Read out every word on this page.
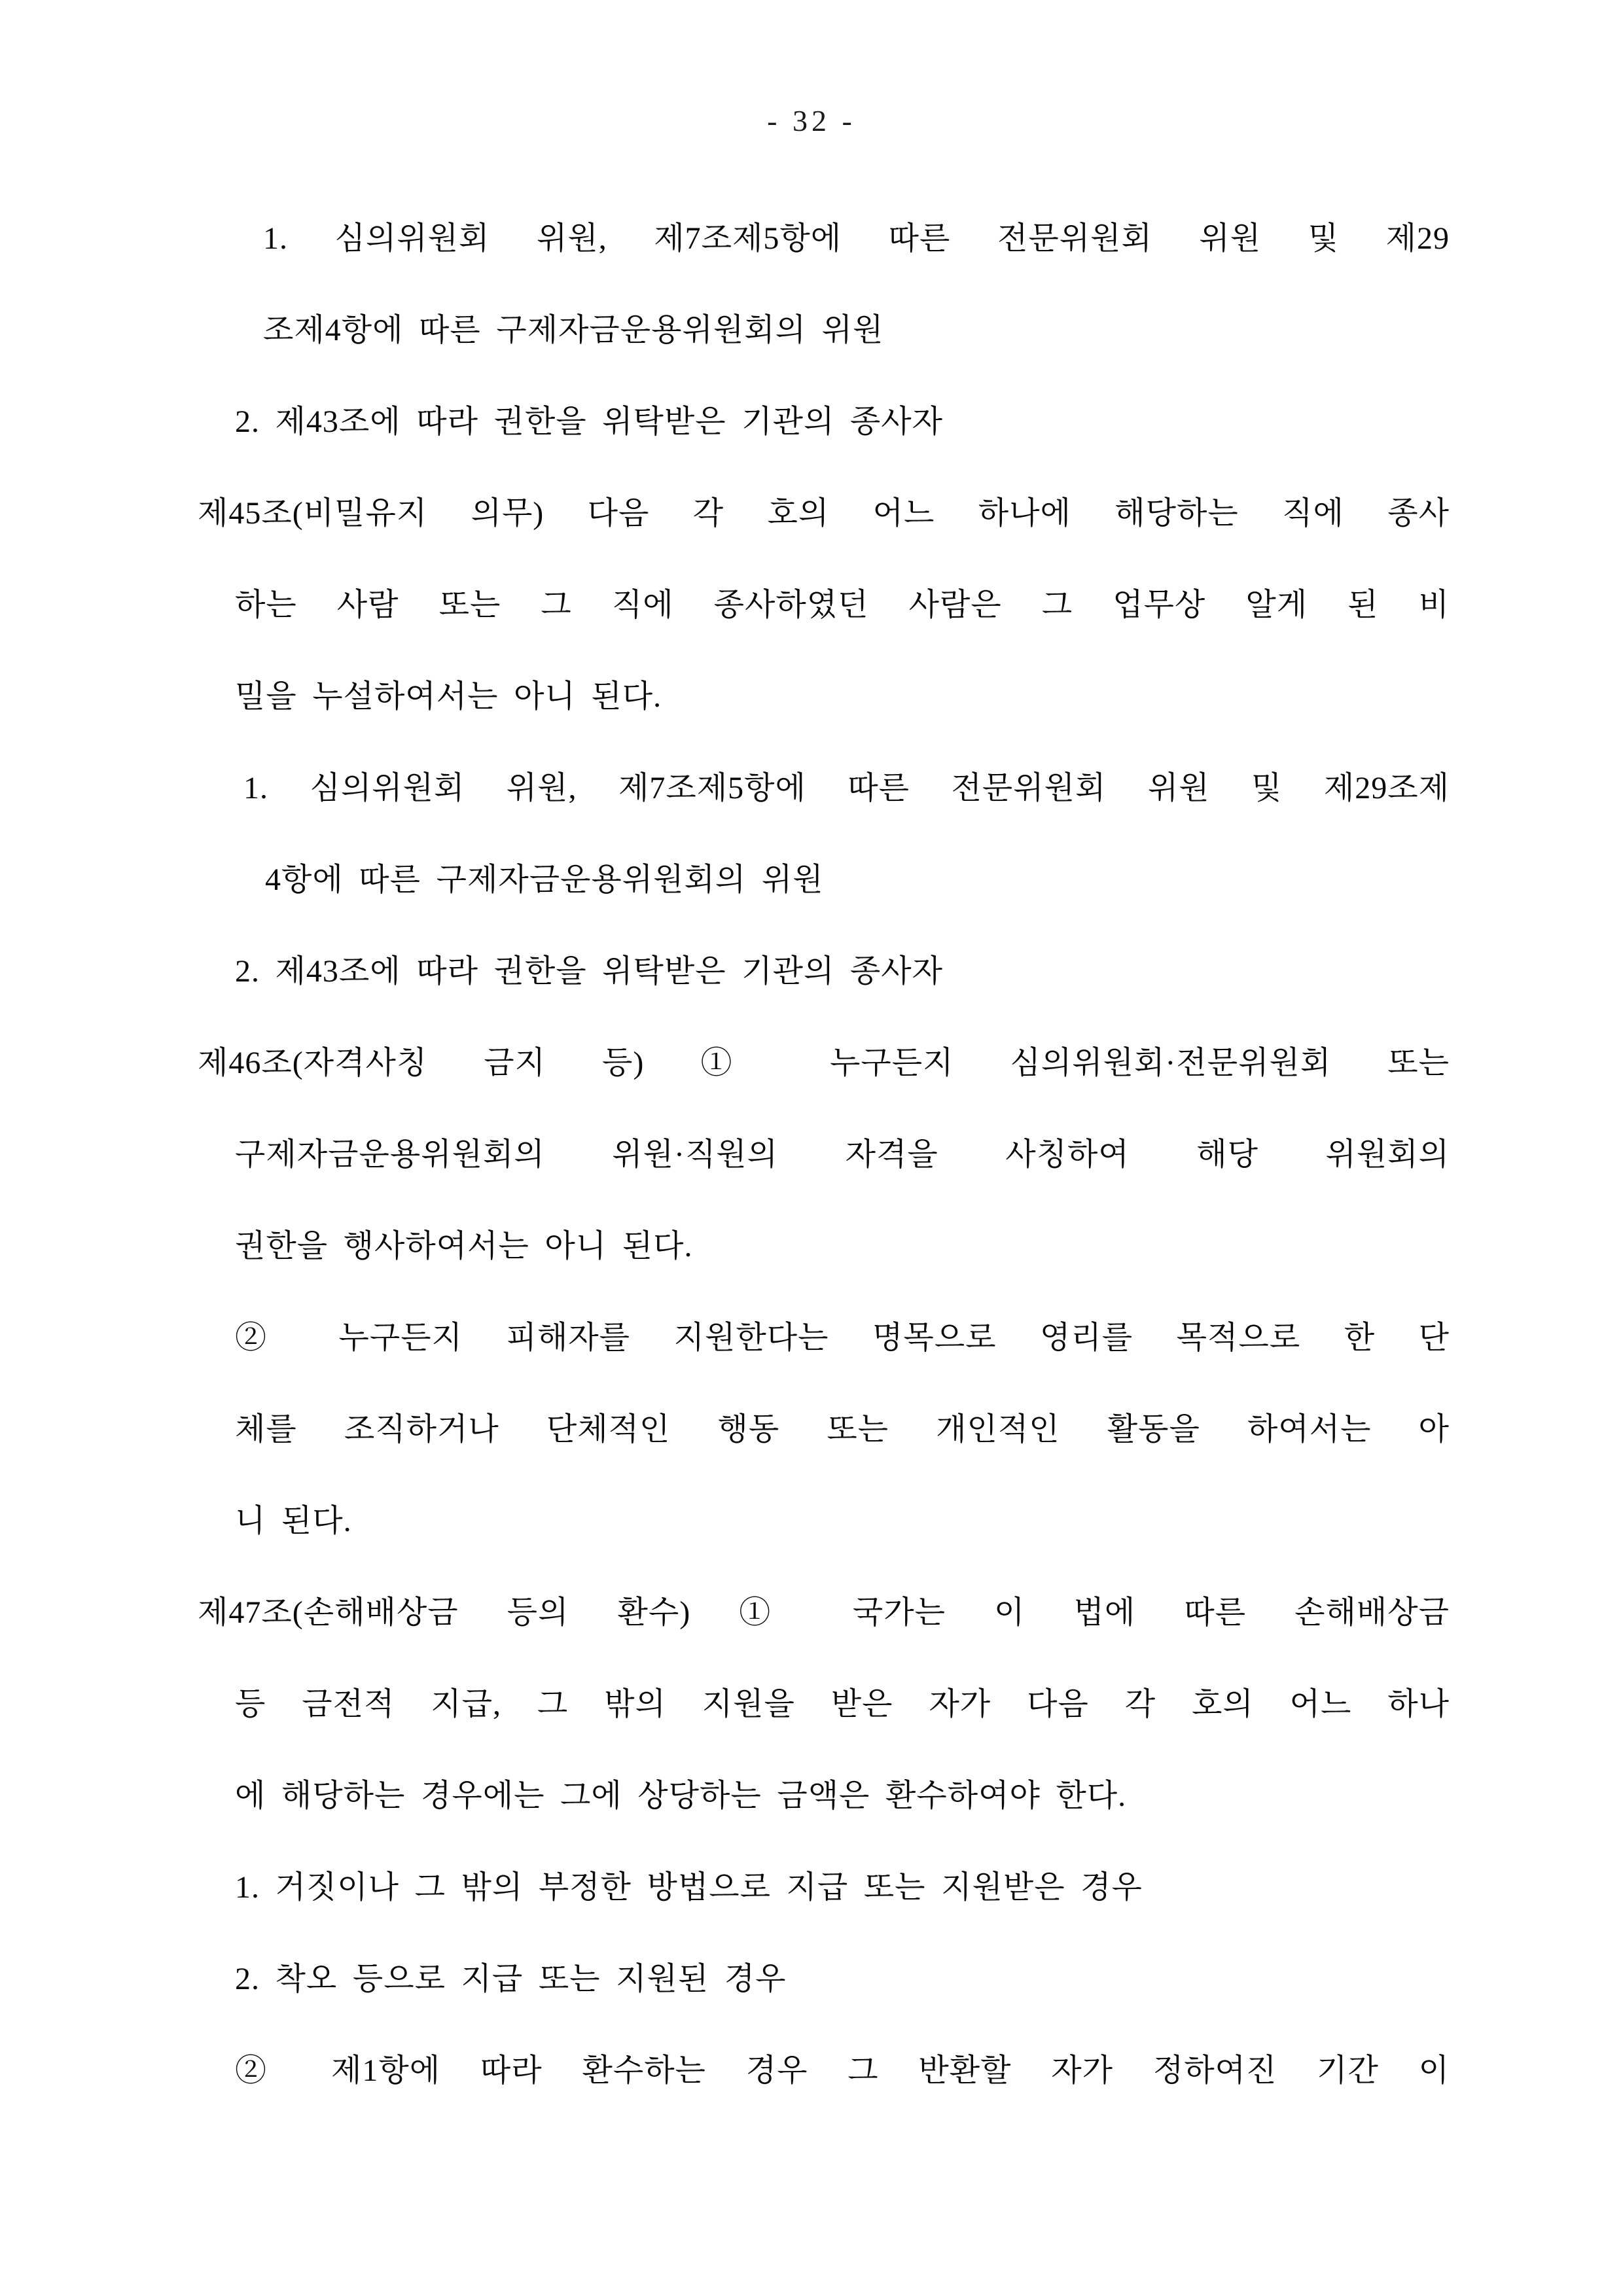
- 32 -
1. 심의위원회 위원, 제7조제5항에 따른 전문위원회 위원 및 제29
조제4항에 따른 구제자금운용위원회의 위원
2. 제43조에 따라 권한을 위탁받은 기관의 종사자
제45조(비밀유지 의무) 다음 각 호의 어느 하나에 해당하는 직에 종사
하는 사람 또는 그 직에 종사하였던 사람은 그 업무상 알게 된 비
밀을 누설하여서는 아니 된다.
1. 심의위원회 위원, 제7조제5항에 따른 전문위원회 위원 및 제29조제
4항에 따른 구제자금운용위원회의 위원
2. 제43조에 따라 권한을 위탁받은 기관의 종사자
제46조(자격사칭 금지 등) ① 누구든지 심의위원회·전문위원회 또는
구제자금운용위원회의 위원·직원의 자격을 사칭하여 해당 위원회의
권한을 행사하여서는 아니 된다.
② 누구든지 피해자를 지원한다는 명목으로 영리를 목적으로 한 단
체를 조직하거나 단체적인 행동 또는 개인적인 활동을 하여서는 아
니 된다.
제47조(손해배상금 등의 환수) ① 국가는 이 법에 따른 손해배상금
등 금전적 지급, 그 밖의 지원을 받은 자가 다음 각 호의 어느 하나
에 해당하는 경우에는 그에 상당하는 금액은 환수하여야 한다.
1. 거짓이나 그 밖의 부정한 방법으로 지급 또는 지원받은 경우
2. 착오 등으로 지급 또는 지원된 경우
② 제1항에 따라 환수하는 경우 그 반환할 자가 정하여진 기간 이
